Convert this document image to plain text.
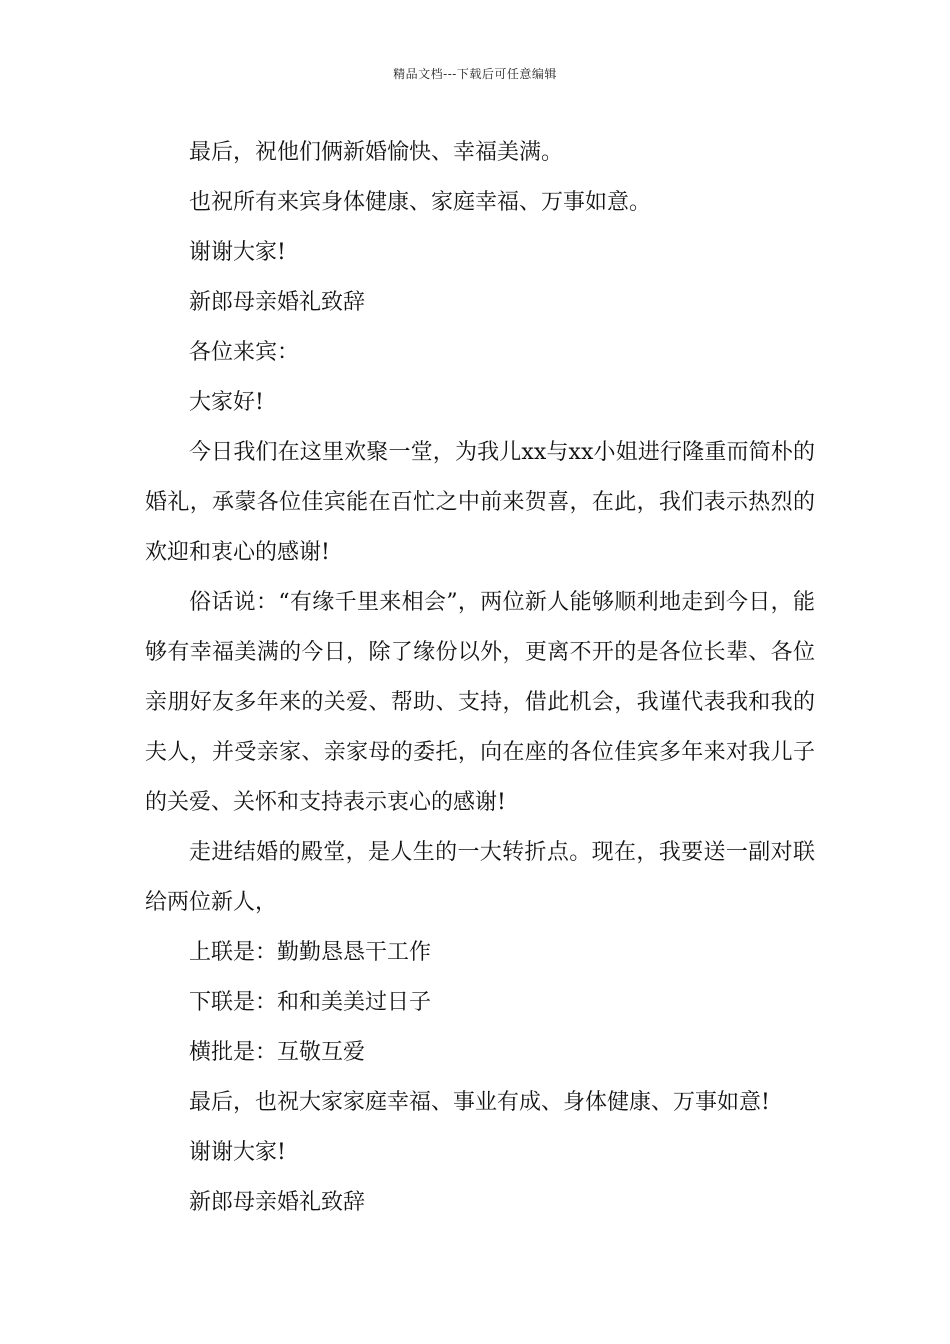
精品文档---下载后可任意编辑

最后，祝他们俩新婚愉快、幸福美满。

也祝所有来宾身体健康、家庭幸福、万事如意。

谢谢大家!

新郎母亲婚礼致辞

各位来宾：

大家好!

今日我们在这里欢聚一堂，为我儿xx与xx小姐进行隆重而简朴的婚礼，承蒙各位佳宾能在百忙之中前来贺喜，在此，我们表示热烈的欢迎和衷心的感谢!

俗话说：“有缘千里来相会”，两位新人能够顺利地走到今日，能够有幸福美满的今日，除了缘份以外，更离不开的是各位长辈、各位亲朋好友多年来的关爱、帮助、支持，借此机会，我谨代表我和我的夫人，并受亲家、亲家母的委托，向在座的各位佳宾多年来对我儿子的关爱、关怀和支持表示衷心的感谢!

走进结婚的殿堂，是人生的一大转折点。现在，我要送一副对联给两位新人，

上联是：勤勤恳恳干工作

下联是：和和美美过日子

横批是：互敬互爱

最后，也祝大家家庭幸福、事业有成、身体健康、万事如意!

谢谢大家!

新郎母亲婚礼致辞
